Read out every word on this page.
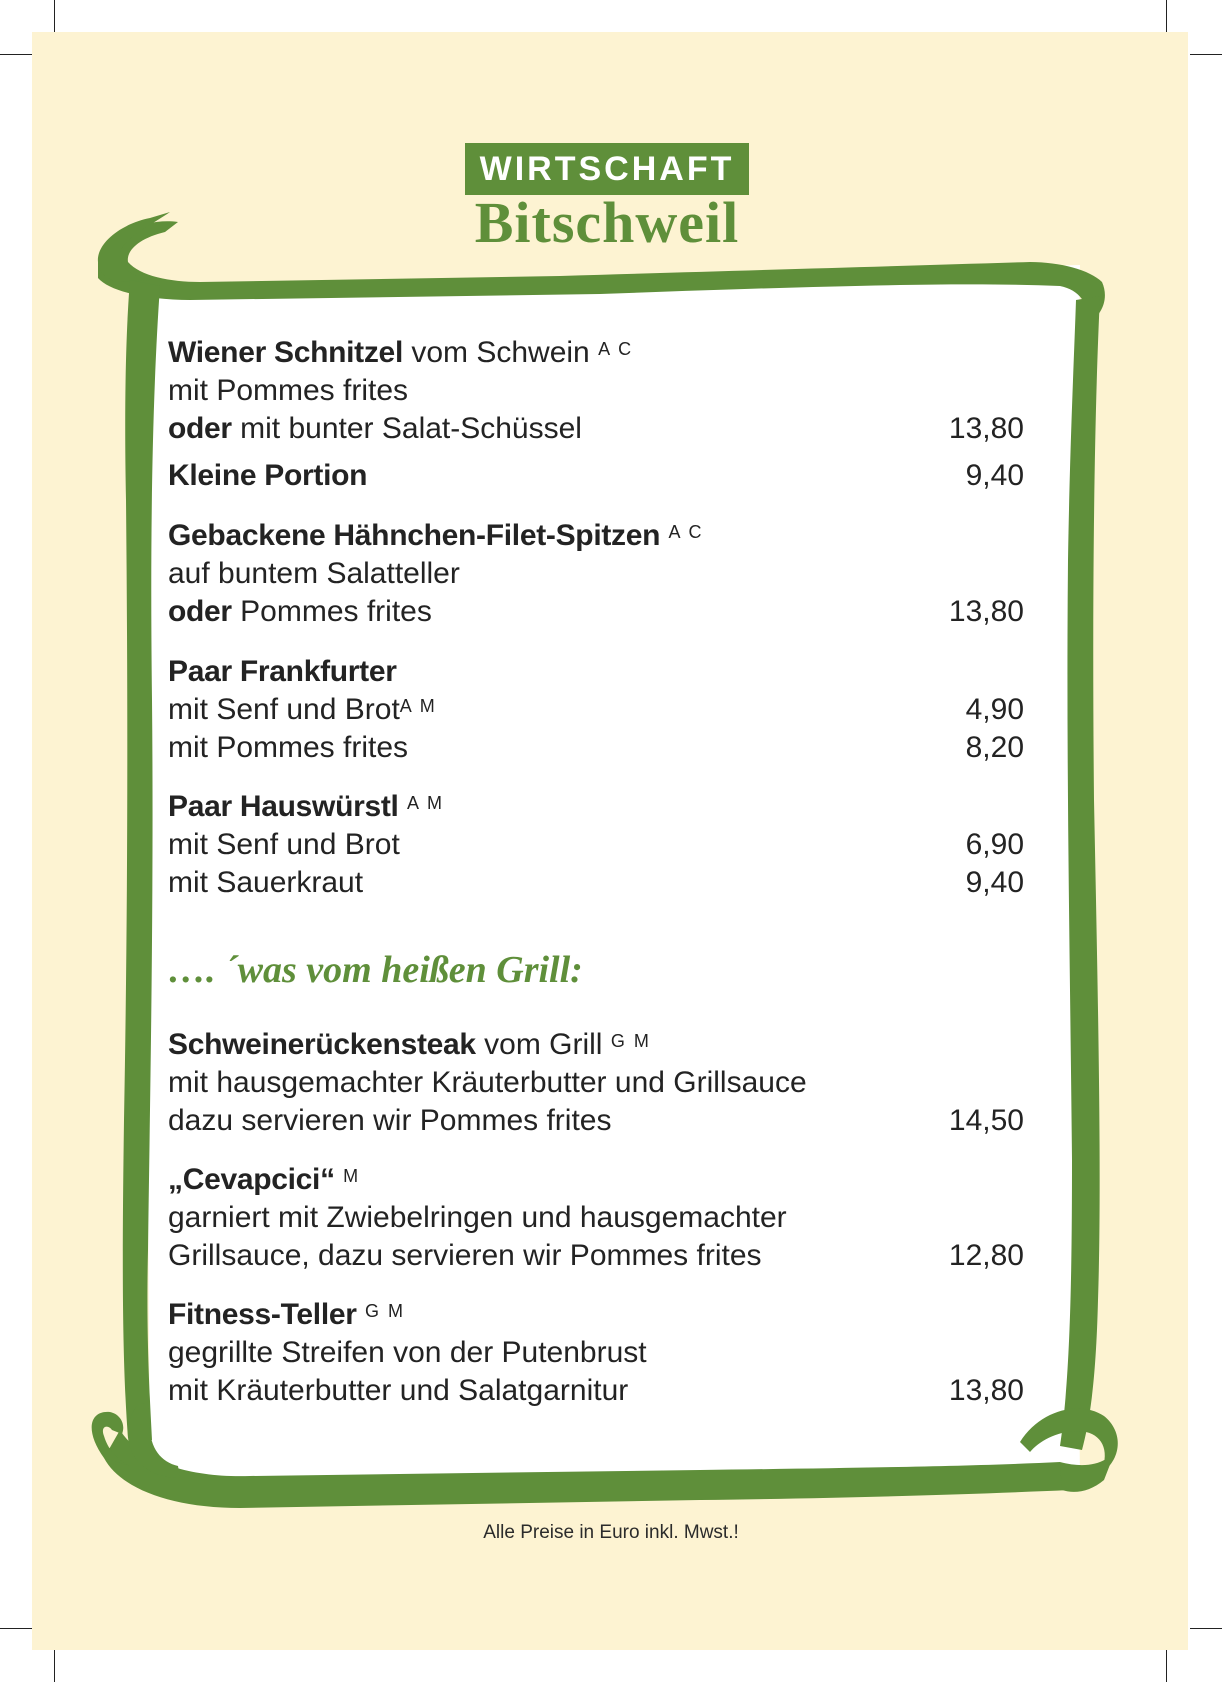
WIRTSCHAFT
Bitschweil
Wiener Schnitzel vom Schwein $^{A C}$
mit Pommes frites
oder mit bunter Salat-Schüssel	13,80
Kleine Portion	9,40
Gebackene Hähnchen-Filet-Spitzen $^{A C}$
auf buntem Salatteller
oder Pommes frites	13,80
Paar Frankfurter
mit Senf und Brot$^{A M}$	4,90
mit Pommes frites	8,20
Paar Hauswürstl $^{A M}$
mit Senf und Brot	6,90
mit Sauerkraut	9,40
…. ´was vom heißen Grill:
Schweinerückensteak vom Grill $^{G M}$
mit hausgemachter Kräuterbutter und Grillsauce
dazu servieren wir Pommes frites	14,50
„Cevapcici“ $^M$
garniert mit Zwiebelringen und hausgemachter
Grillsauce, dazu servieren wir Pommes frites	12,80
Fitness-Teller $^{G M}$
gegrillte Streifen von der Putenbrust
mit Kräuterbutter und Salatgarnitur	13,80
Alle Preise in Euro inkl. Mwst.!
